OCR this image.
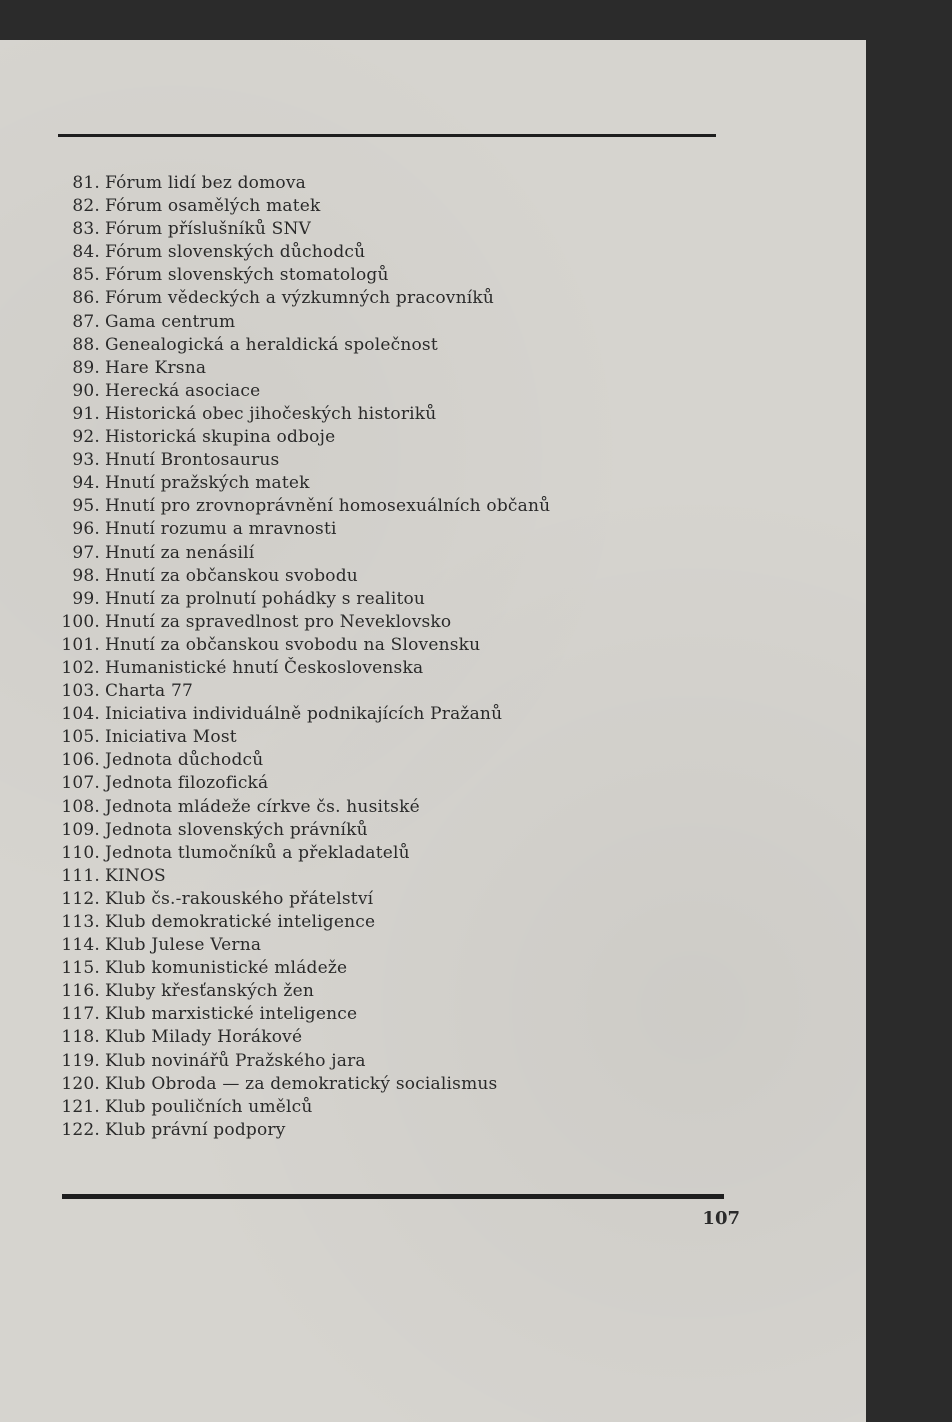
81. Fórum lidí bez domova
82. Fórum osamělých matek
83. Fórum příslušníků SNV
84. Fórum slovenských důchodců
85. Fórum slovenských stomatologů
86. Fórum vědeckých a výzkumných pracovníků
87. Gama centrum
88. Genealogická a heraldická společnost
89. Hare Krsna
90. Herecká asociace
91. Historická obec jihočeských historiků
92. Historická skupina odboje
93. Hnutí Brontosaurus
94. Hnutí pražských matek
95. Hnutí pro zrovnoprávnění homosexuálních občanů
96. Hnutí rozumu a mravnosti
97. Hnutí za nenásilí
98. Hnutí za občanskou svobodu
99. Hnutí za prolnutí pohádky s realitou
100. Hnutí za spravedlnost pro Neveklovsko
101. Hnutí za občanskou svobodu na Slovensku
102. Humanistické hnutí Československa
103. Charta 77
104. Iniciativa individuálně podnikajících Pražanů
105. Iniciativa Most
106. Jednota důchodců
107. Jednota filozofická
108. Jednota mládeže církve čs. husitské
109. Jednota slovenských právníků
110. Jednota tlumočníků a překladatelů
111. KINOS
112. Klub čs.-rakouského přátelství
113. Klub demokratické inteligence
114. Klub Julese Verna
115. Klub komunistické mládeže
116. Kluby křesťanských žen
117. Klub marxistické inteligence
118. Klub Milady Horákové
119. Klub novinářů Pražského jara
120. Klub Obroda — za demokratický socialismus
121. Klub pouličních umělců
122. Klub právní podpory
107
